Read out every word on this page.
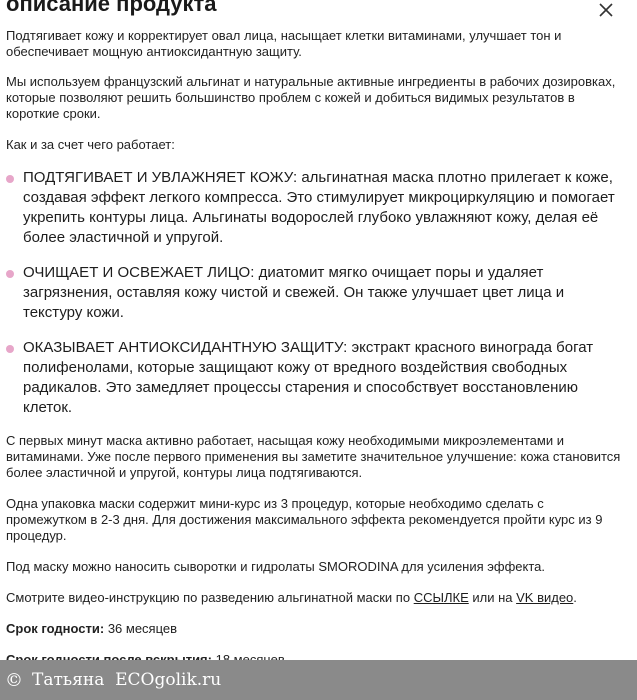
описание продукта

Подтягивает кожу и корректирует овал лица, насыщает клетки витаминами, улучшает тон и обеспечивает мощную антиоксидантную защиту.

Мы используем французский альгинат и натуральные активные ингредиенты в рабочих дозировках, которые позволяют решить большинство проблем с кожей и добиться видимых результатов в короткие сроки.

Как и за счет чего работает:

ПОДТЯГИВАЕТ И УВЛАЖНЯЕТ КОЖУ: альгинатная маска плотно прилегает к коже, создавая эффект легкого компресса. Это стимулирует микроциркуляцию и помогает укрепить контуры лица. Альгинаты водорослей глубоко увлажняют кожу, делая её более эластичной и упругой.
ОЧИЩАЕТ И ОСВЕЖАЕТ ЛИЦО: диатомит мягко очищает поры и удаляет загрязнения, оставляя кожу чистой и свежей. Он также улучшает цвет лица и текстуру кожи.
ОКАЗЫВАЕТ АНТИОКСИДАНТНУЮ ЗАЩИТУ: экстракт красного винограда богат полифенолами, которые защищают кожу от вредного воздействия свободных радикалов. Это замедляет процессы старения и способствует восстановлению клеток.

С первых минут маска активно работает, насыщая кожу необходимыми микроэлементами и витаминами. Уже после первого применения вы заметите значительное улучшение: кожа становится более эластичной и упругой, контуры лица подтягиваются.

Одна упаковка маски содержит мини-курс из 3 процедур, которые необходимо сделать с промежутком в 2-3 дня. Для достижения максимального эффекта рекомендуется пройти курс из 9 процедур.

Под маску можно наносить сыворотки и гидролаты SMORODINA для усиления эффекта.

Смотрите видео-инструкцию по разведению альгинатной маски по ССЫЛКЕ или на VK видео.

Срок годности: 36 месяцев

© Татьяна  ECOgolik.ru
